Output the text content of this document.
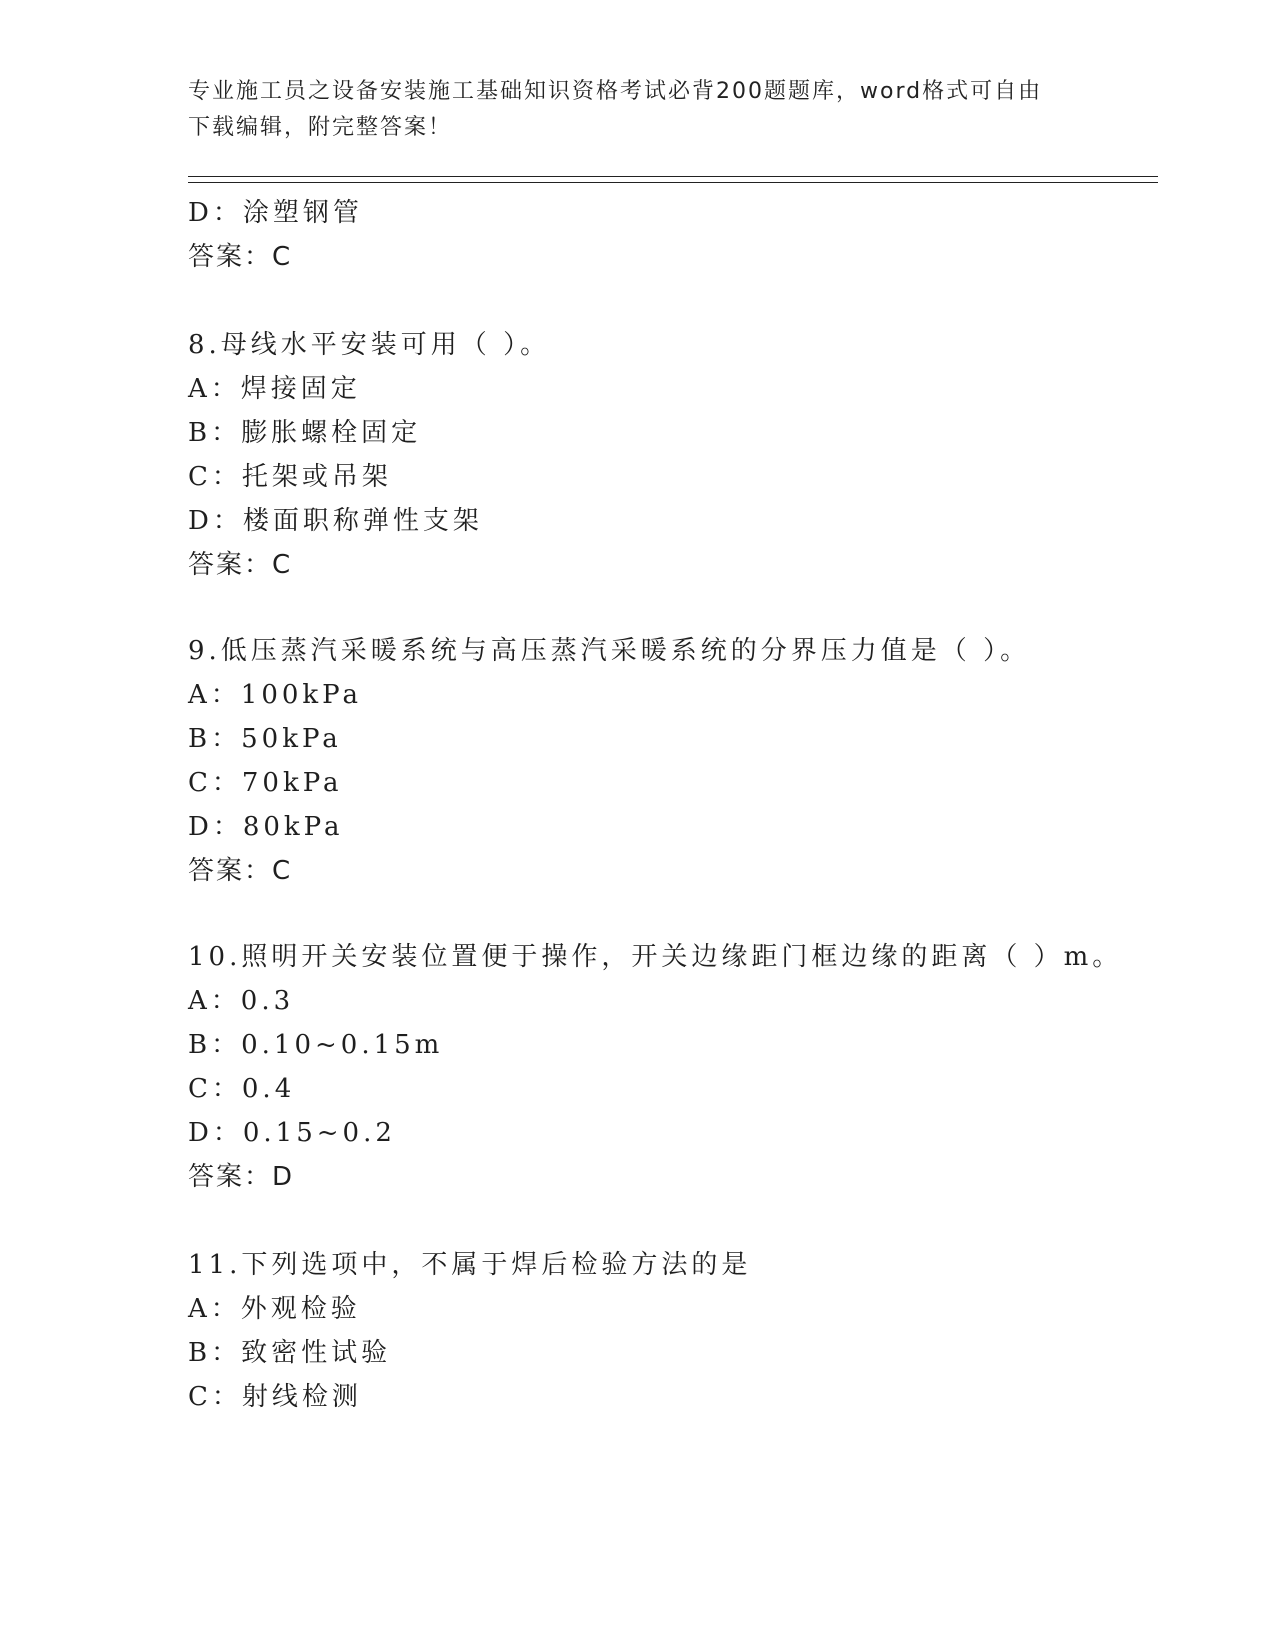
专业施工员之设备安装施工基础知识资格考试必背200题题库，word格式可自由
下载编辑，附完整答案！
D：涂塑钢管
答案：C
8.母线水平安装可用（ ）。
A：焊接固定
B：膨胀螺栓固定
C：托架或吊架
D：楼面职称弹性支架
答案：C
9.低压蒸汽采暖系统与高压蒸汽采暖系统的分界压力值是（ ）。
A：100kPa
B：50kPa
C：70kPa
D：80kPa
答案：C
10.照明开关安装位置便于操作，开关边缘距门框边缘的距离（ ）m。
A：0.3
B：0.10~0.15m
C：0.4
D：0.15~0.2
答案：D
11.下列选项中，不属于焊后检验方法的是
A：外观检验
B：致密性试验
C：射线检测
